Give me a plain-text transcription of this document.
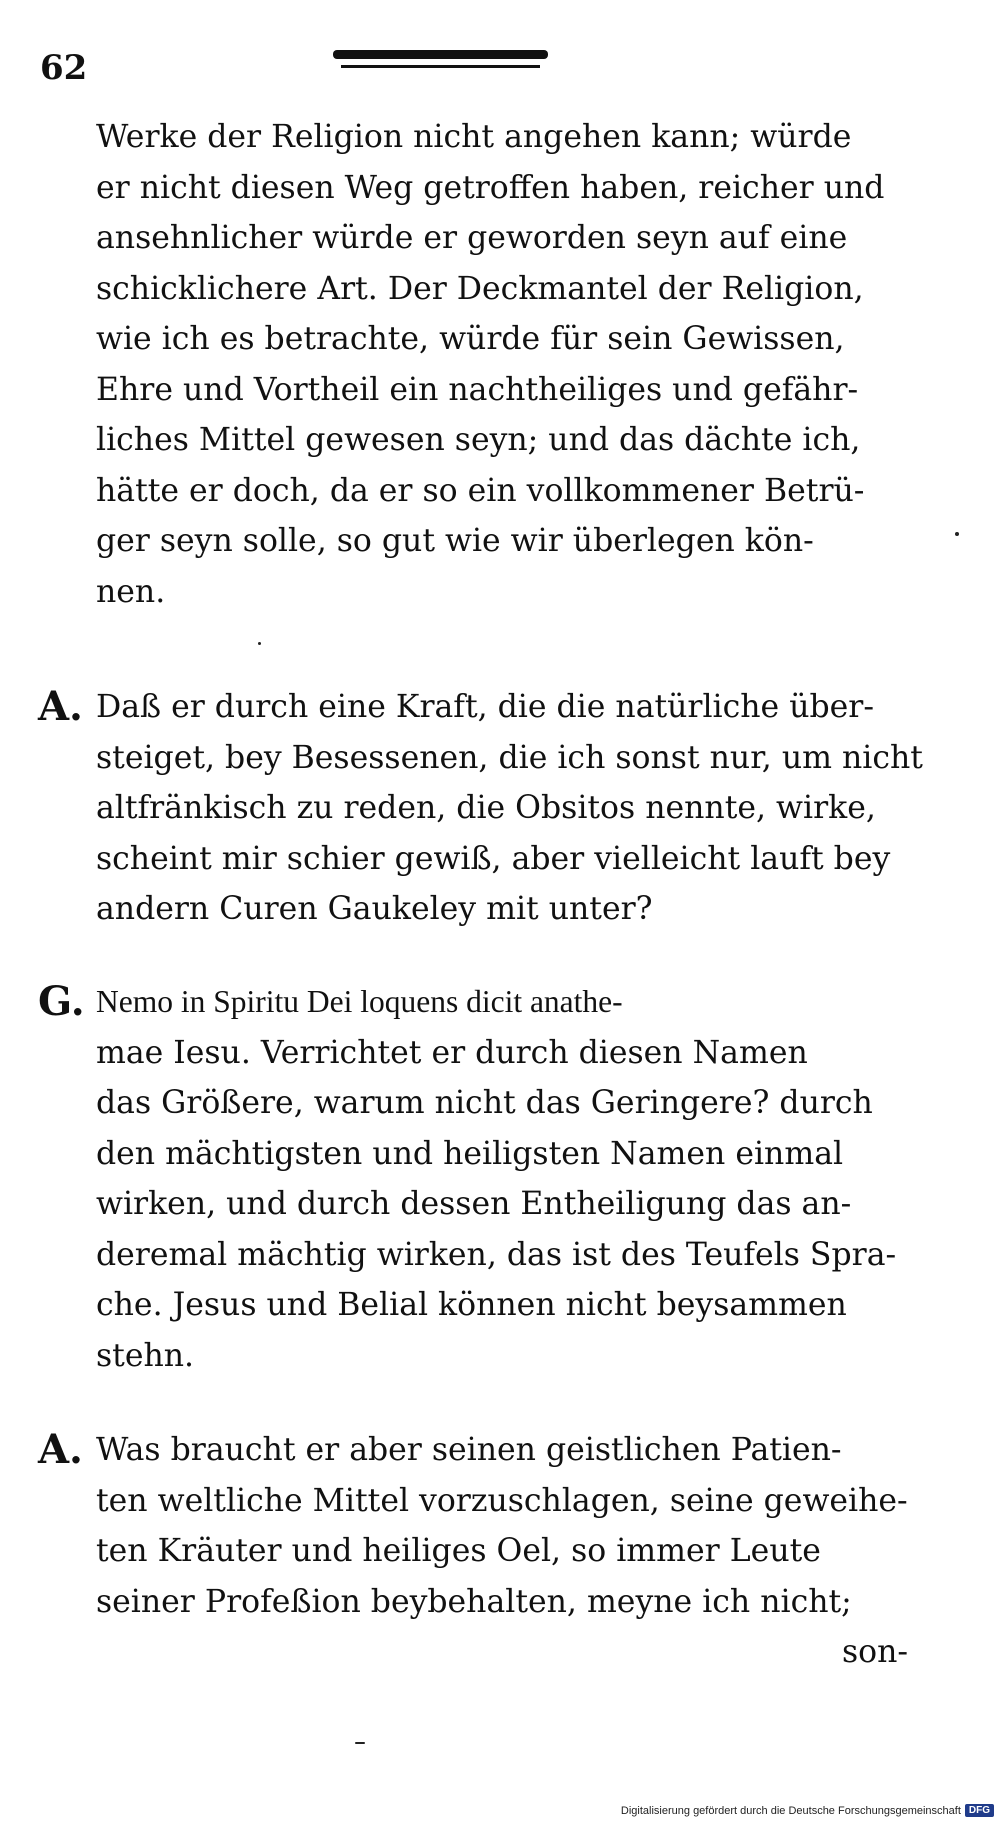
62
Werke der Religion nicht angehen kann; würde
er nicht diesen Weg getroffen haben, reicher und
ansehnlicher würde er geworden seyn auf eine
schicklichere Art. Der Deckmantel der Religion,
wie ich es betrachte, würde für sein Gewissen,
Ehre und Vortheil ein nachtheiliges und gefähr-
liches Mittel gewesen seyn; und das dächte ich,
hätte er doch, da er so ein vollkommener Betrü-
ger seyn solle, so gut wie wir überlegen kön-
nen.
A. Daß er durch eine Kraft, die die natürliche über-
steiget, bey Besessenen, die ich sonst nur, um nicht
altfränkisch zu reden, die Obsitos nennte, wirke,
scheint mir schier gewiß, aber vielleicht lauft bey
andern Curen Gaukeley mit unter?
G. Nemo in Spiritu Dei loquens dicit anathe-
mae Iesu. Verrichtet er durch diesen Namen
das Größere, warum nicht das Geringere? durch
den mächtigsten und heiligsten Namen einmal
wirken, und durch dessen Entheiligung das an-
deremal mächtig wirken, das ist des Teufels Spra-
che. Jesus und Belial können nicht beysammen
stehn.
A. Was braucht er aber seinen geistlichen Patien-
ten weltliche Mittel vorzuschlagen, seine geweihe-
ten Kräuter und heiliges Oel, so immer Leute
seiner Profeßion beybehalten, meyne ich nicht;
son-
Digitalisierung gefördert durch die Deutsche Forschungsgemeinschaft DFG
